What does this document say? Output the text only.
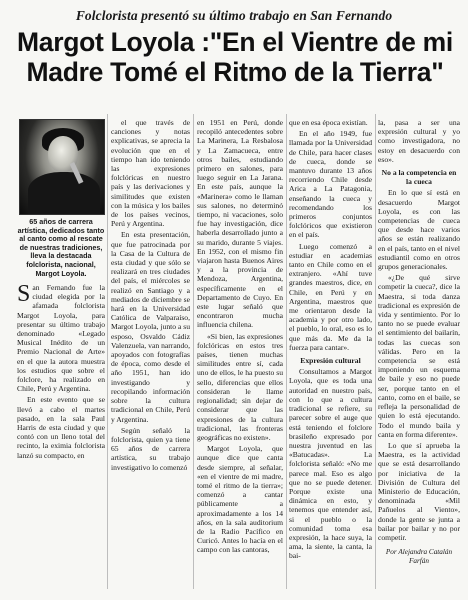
Folclorista presentó su último trabajo en San Fernando
Margot Loyola :"En el Vientre de mi Madre Tomé el Ritmo de la Tierra"
65 años de carrera artística, dedicados tanto al canto como al rescate de nuestras tradiciones, lleva la destacada folclorista, nacional, Margot Loyola.

San Fernando fue la ciudad elegida por la afamada folclorista Margot Loyola, para presentar su último trabajo denominado «Legado Musical Inédito de un Premio Nacional de Arte» en el que la autora muestra los estudios que sobre el folclore, ha realizado en Chile, Perú y Argentina.

En este evento que se llevó a cabo el martes pasado, en la sala Paul Harris de esta ciudad y que contó con un lleno total del recinto, la eximia folclorista lanzó su compacto, en

el que través de canciones y notas explicativas, se aprecia la evolución que en el tiempo han ido teniendo las expresiones folclóricas en nuestro país y las derivaciones y similitudes que existen con la música y los bailes de los países vecinos, Perú y Argentina.

En esta presentación, que fue patrocinada por la Casa de la Cultura de esta ciudad y que sólo se realizará en tres ciudades del país, el miércoles se realizó en Santiago y a mediados de diciembre se hará en la Universidad Católica de Valparaíso, Margot Loyola, junto a su esposo, Osvaldo Cádiz Valenzuela, van narrando, apoyados con fotografías de época, como desde el año 1951, han ido investigando y recopilando información sobre la cultura tradicional en Chile, Perú y Argentina.

Según señaló la folclorista, quien ya tiene 65 años de carrera artística, su trabajo investigativo lo comenzó

en 1951 en Perú, donde recopiló antecedentes sobre La Marinera, La Resbalosa y La Zamacueca, entre otros bailes, estudiando primero en salones, para luego seguir en La Jarana. En este país, aunque la «Marinera» como le llaman sus salones, no determinó tiempo, ni vacaciones, solo fue hay investigación, dice haberla desarrollado junto a su marido, durante 5 viajes. En 1952, con el mismo fin viajaron hasta Buenos Aires y a la provincia de Mendoza, Argentina, específicamente en el Departamento de Cuyo. En este lugar señaló que encontraron mucha influencia chilena.

«Si bien, las expresiones folclóricas en estos tres países, tienen muchas similitudes entre sí, cada uno de ellos, le ha puesto su sello, diferencias que ellos consideran le llame regionalidad; sin dejar de considerar que las expresiones de la cultura tradicional, las fronteras geográficas no existen».

Margot Loyola, que aunque dice que canta desde siempre, al señalar, «en el vientre de mi madre, tomé el ritmo de la tierra»; comenzó a cantar públicamente a aproximadamente a los 14 años, en la sala auditorium de la Radio Pacífico en Curicó. Antes lo hacía en el campo con las cantoras,

que en esa época existían.

En el año 1949, fue llamada por la Universidad de Chile, para hacer clases de cueca, donde se mantuvo durante 13 años recorriendo Chile desde Arica a La Patagonia, enseñando la cueca y recomendando los primeros conjuntos folclóricos que existieron en el país.

Luego comenzó a estudiar en academias tanto en Chile como en el extranjero. «Ahí tuve grandes maestros, dice, en Chile, en Perú y en Argentina, maestros que me orientaron desde la academia y por otro lado, el pueblo, lo oral, eso es lo que más da. Me da la fuerza para cantar».

Expresión cultural

Consultamos a Margot Loyola, que es toda una autoridad en nuestro país, con lo que a cultura tradicional se refiere, su parecer sobre el auge que está teniendo el folclore brasileño expresado por nuestra juventud en las «Batucadas». La folclorista señaló: «No me parece mal. Eso es algo que no se puede detener. Porque existe una dinámica en esto, y tenemos que entender así, si el pueblo o la comunidad toma esa expresión, la hace suya, la ama, la siente, la canta, la bai-

la, pasa a ser una expresión cultural y yo como investigadora, no estoy en desacuerdo con eso».

No a la competencia en la cueca

En lo que sí está en desacuerdo Margot Loyola, es con las competencias de cueca que desde hace varios años se están realizando en el país, tanto en el nivel estudiantil como en otros grupos generacionales.

«¿De qué sirve competir la cueca?, dice la Maestra, si toda danza tradicional es expresión de vida y sentimiento. Por lo tanto no se puede evaluar el sentimiento del bailarín, todas las cuecas son válidas. Pero en la competencia se está imponiendo un esquema de baile y eso no puede ser, porque tanto en el canto, como en el baile, se refleja la personalidad de quien lo está ejecutando. Todo el mundo baila y canta en forma diferente».

Lo que sí aprueba la Maestra, es la actividad que se está desarrollando por iniciativa de la División de Cultura del Ministerio de Educación, denominada «Mil Pañuelos al Viento», donde la gente se junta a bailar por bailar y no por competir.

Por Alejandra Catalán Farfán
